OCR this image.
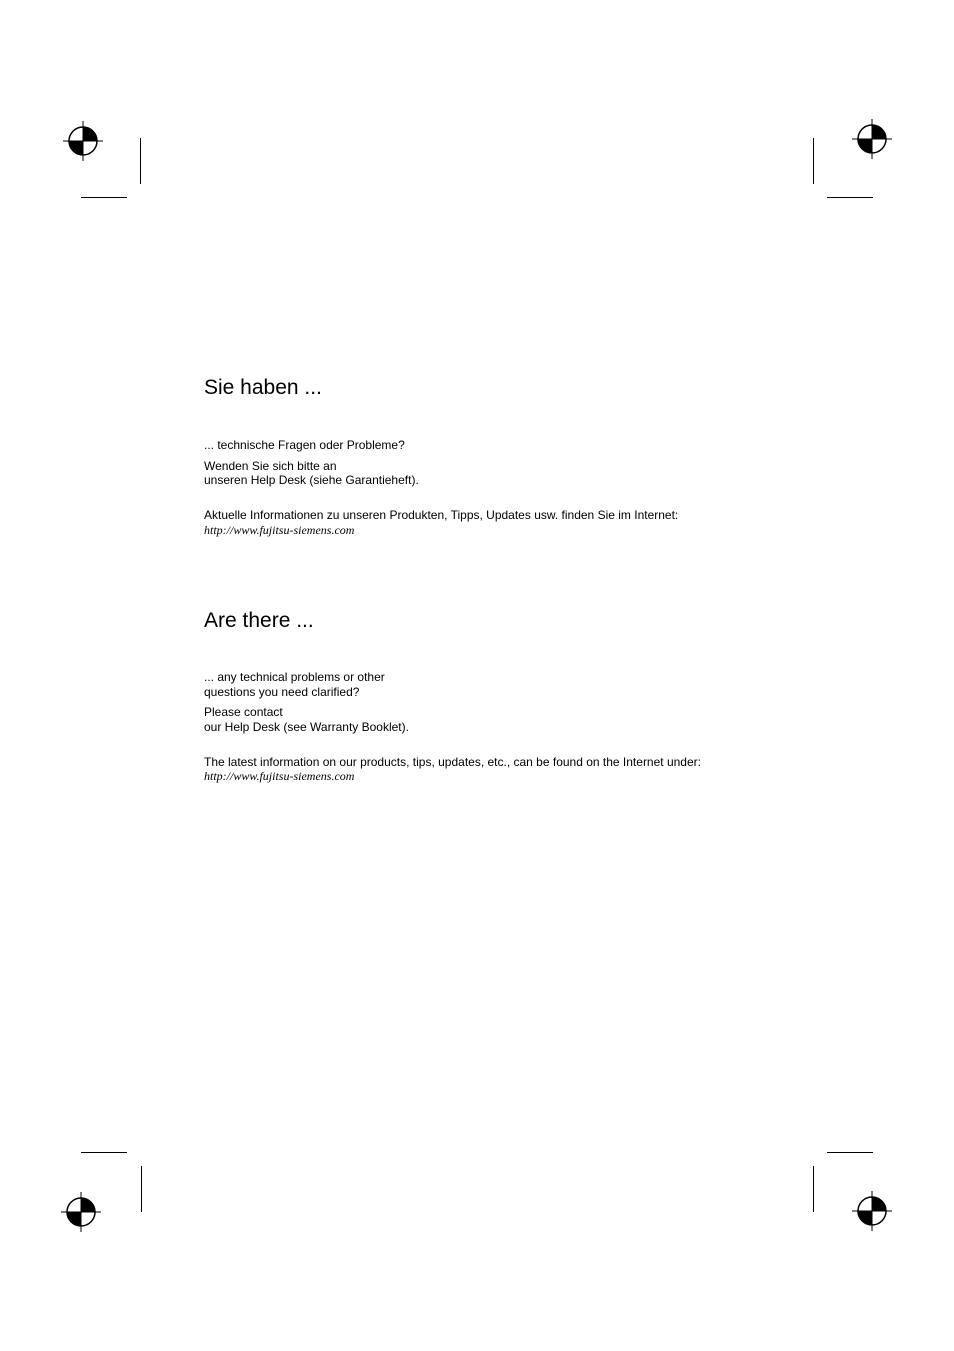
Sie haben ...

... technische Fragen oder Probleme?

Wenden Sie sich bitte an
unseren Help Desk (siehe Garantieheft).

Aktuelle Informationen zu unseren Produkten, Tipps, Updates usw. finden Sie im Internet:

http://www.fujitsu-siemens.com

Are there ...

... any technical problems or other
questions you need clarified?

Please contact
our Help Desk (see Warranty Booklet).

The latest information on our products, tips, updates, etc., can be found on the Internet under:

http://www.fujitsu-siemens.com
